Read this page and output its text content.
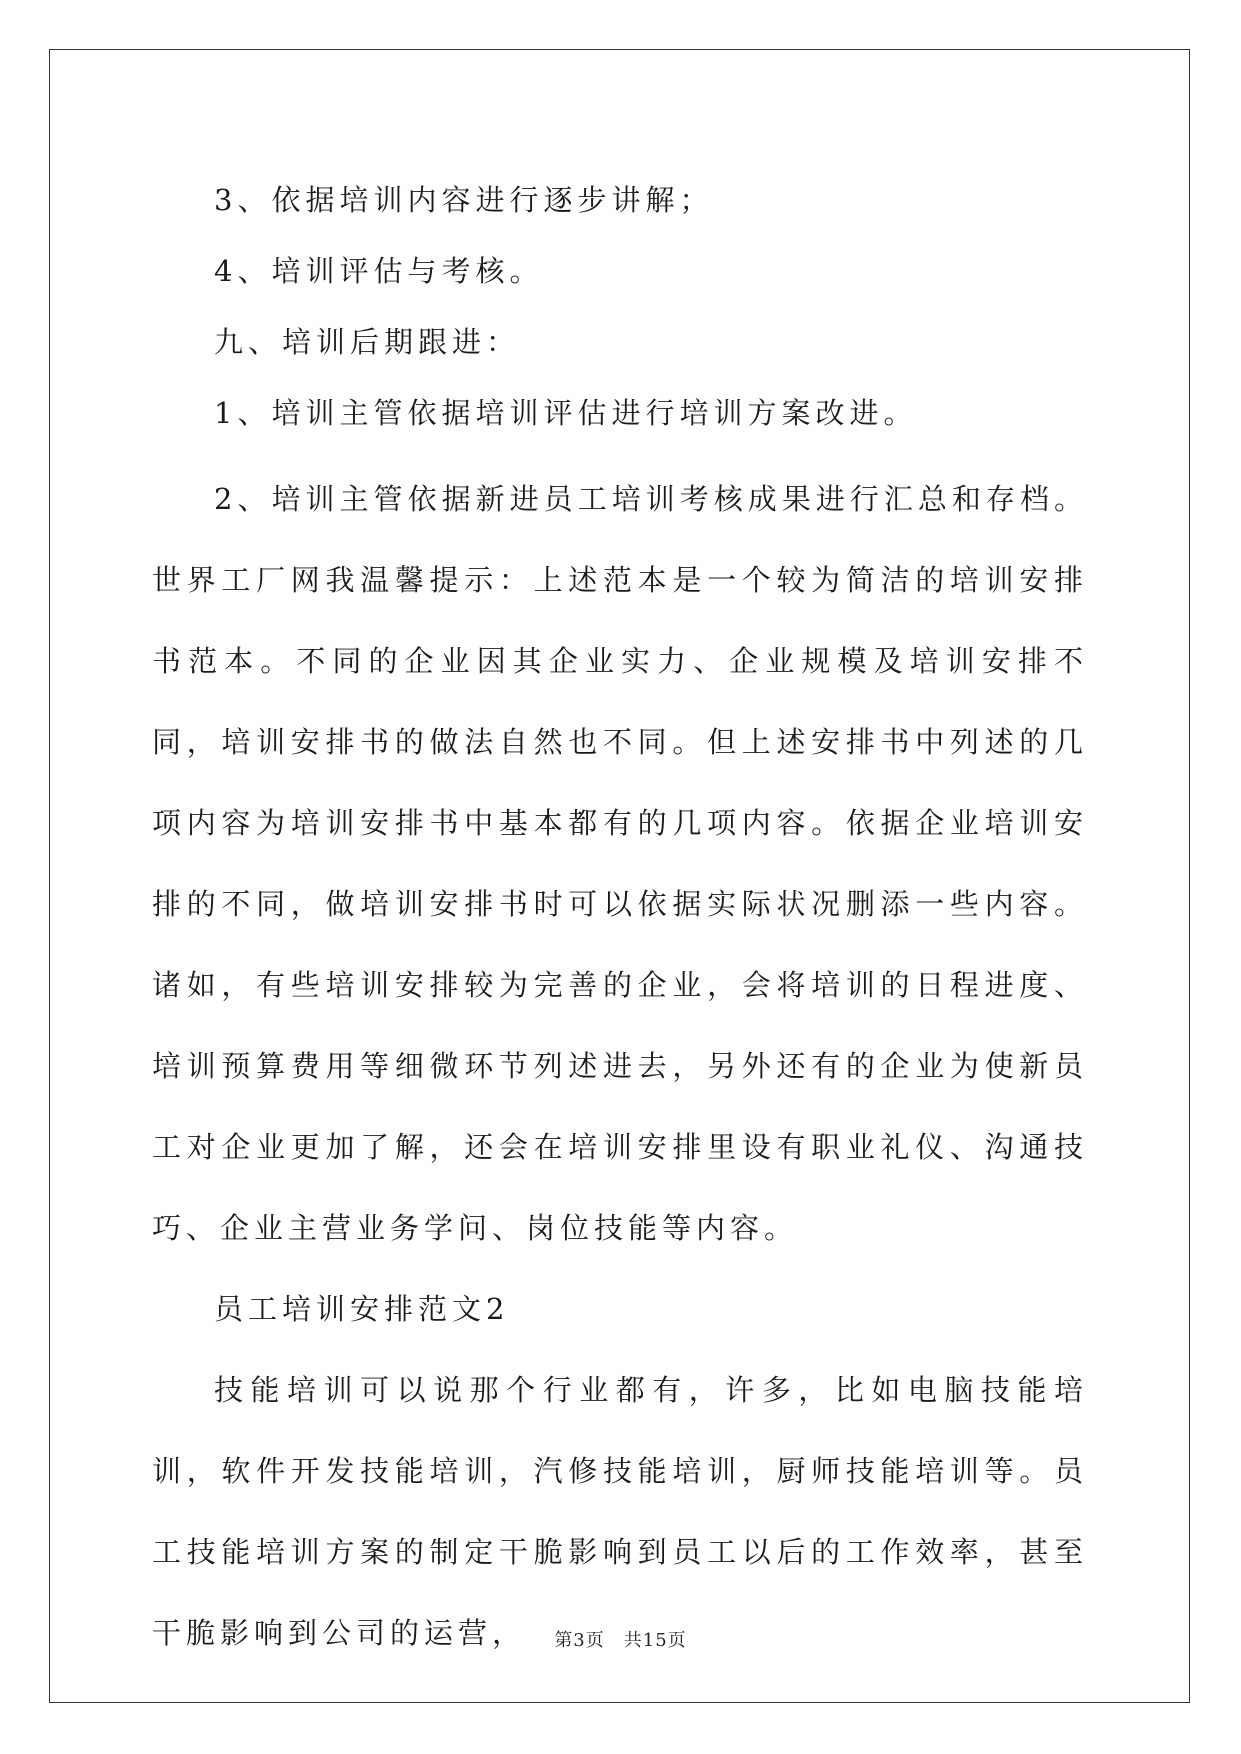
3、依据培训内容进行逐步讲解；

4、培训评估与考核。

九、培训后期跟进：

1、培训主管依据培训评估进行培训方案改进。

2、培训主管依据新进员工培训考核成果进行汇总和存档。世界工厂网我温馨提示：上述范本是一个较为简洁的培训安排书范本。不同的企业因其企业实力、企业规模及培训安排不同，培训安排书的做法自然也不同。但上述安排书中列述的几项内容为培训安排书中基本都有的几项内容。依据企业培训安排的不同，做培训安排书时可以依据实际状况删添一些内容。诸如，有些培训安排较为完善的企业，会将培训的日程进度、培训预算费用等细微环节列述进去，另外还有的企业为使新员工对企业更加了解，还会在培训安排里设有职业礼仪、沟通技巧、企业主营业务学问、岗位技能等内容。

员工培训安排范文2

技能培训可以说那个行业都有，许多，比如电脑技能培训，软件开发技能培训，汽修技能培训，厨师技能培训等。员工技能培训方案的制定干脆影响到员工以后的工作效率，甚至干脆影响到公司的运营，	第3页　共15页
